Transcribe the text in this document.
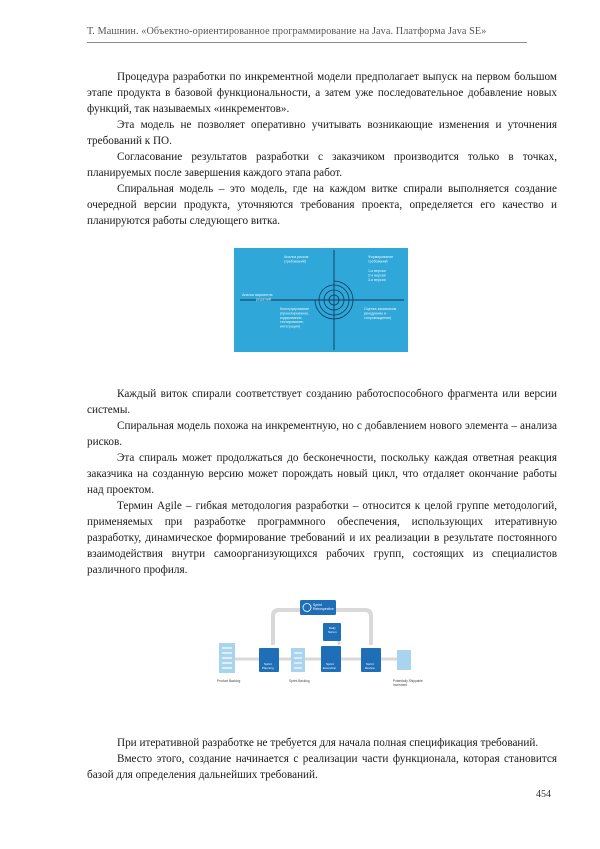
Т. Машнин. «Объектно-ориентированное программирование на Java. Платформа Java SE»

Процедура разработки по инкрементной модели предполагает выпуск на первом большом этапе продукта в базовой функциональности, а затем уже последовательное добавление новых функций, так называемых «инкрементов».

Эта модель не позволяет оперативно учитывать возникающие изменения и уточнения требований к ПО.

Согласование результатов разработки с заказчиком производится только в точках, планируемых после завершения каждого этапа работ.

Спиральная модель – это модель, где на каждом витке спирали выполняется создание очередной версии продукта, уточняются требования проекта, определяется его качество и планируются работы следующего витка.

Анализ рисков (требований)
Формирование требований
1-я версия 2-я версия 3-я версия
Анализ вариантов решений
Конструирование (проектирование, кодирование, тестирование, интеграция)
Оценка заказчиком (внедрение и сопровождение)

Каждый виток спирали соответствует созданию работоспособного фрагмента или версии системы.

Спиральная модель похожа на инкрементную, но с добавлением нового элемента – анализа рисков.

Эта спираль может продолжаться до бесконечности, поскольку каждая ответная реакция заказчика на созданную версию может порождать новый цикл, что отдаляет окончание работы над проектом.

Термин Agile – гибкая методология разработки – относится к целой группе методологий, применяемых при разработке программного обеспечения, использующих итеративную разработку, динамическое формирование требований и их реализации в результате постоянного взаимодействия внутри самоорганизующихся рабочих групп, состоящих из специалистов различного профиля.

Sprint Retrospective
Daily Scrum
Sprint Planning
Sprint Execution
Sprint Review
Product Backlog	Sprint Backlog	Potentially Shippable Increment

При итеративной разработке не требуется для начала полная спецификация требований.

Вместо этого, создание начинается с реализации части функционала, которая становится базой для определения дальнейших требований.

454
